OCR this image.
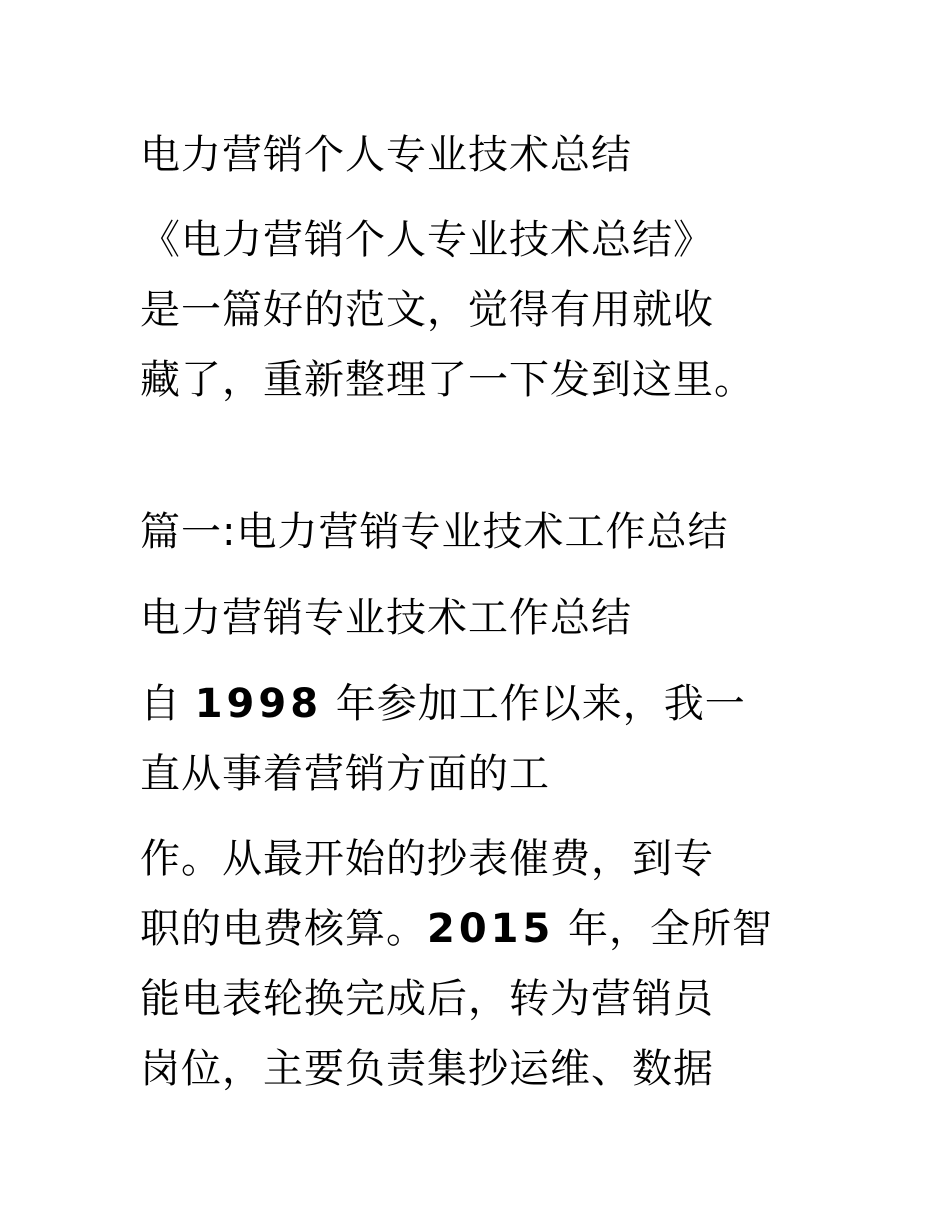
电力营销个人专业技术总结
《电力营销个人专业技术总结》
是一篇好的范文，觉得有用就收
藏了，重新整理了一下发到这里。
篇一:电力营销专业技术工作总结
电力营销专业技术工作总结
自 1998 年参加工作以来，我一
直从事着营销方面的工
作。从最开始的抄表催费，到专
职的电费核算。2015 年，全所智
能电表轮换完成后，转为营销员
岗位，主要负责集抄运维、数据
